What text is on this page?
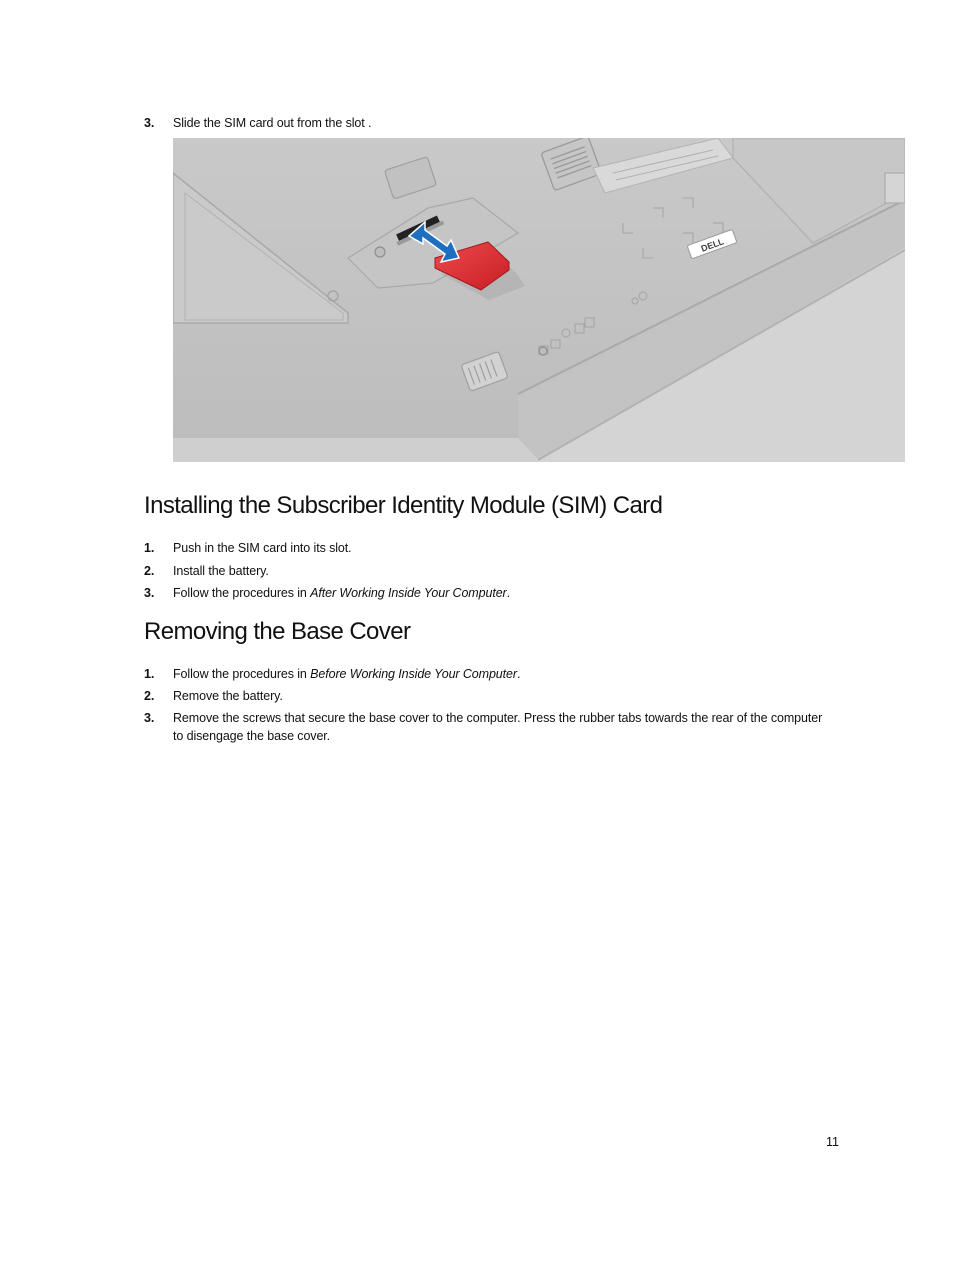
3. Slide the SIM card out from the slot .
DELL
Installing the Subscriber Identity Module (SIM) Card
1. Push in the SIM card into its slot.
2. Install the battery.
3. Follow the procedures in After Working Inside Your Computer.
Removing the Base Cover
1. Follow the procedures in Before Working Inside Your Computer.
2. Remove the battery.
3. Remove the screws that secure the base cover to the computer. Press the rubber tabs towards the rear of the computer to disengage the base cover.
11
